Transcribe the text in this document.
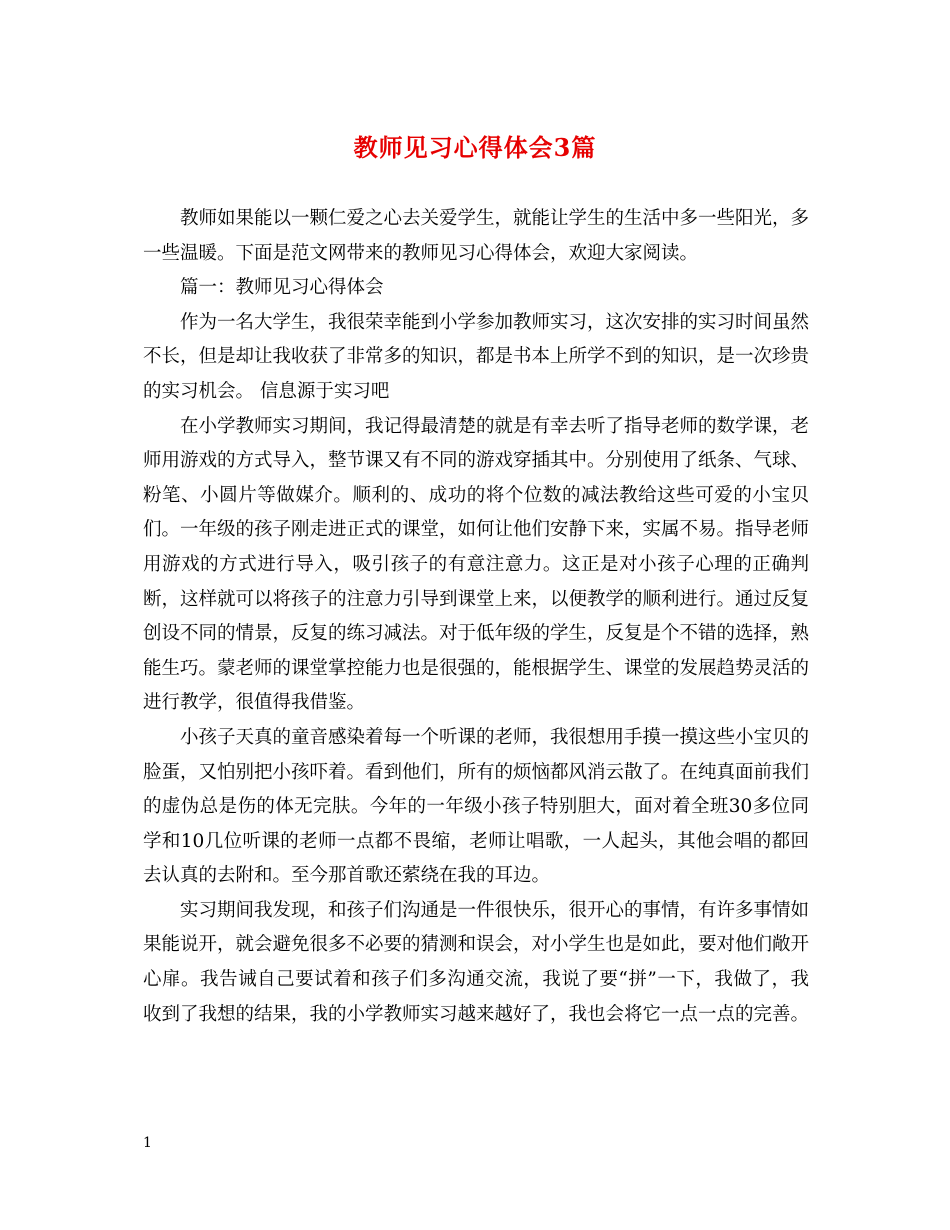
教师见习心得体会3篇

教师如果能以一颗仁爱之心去关爱学生，就能让学生的生活中多一些阳光，多一些温暖。下面是范文网带来的教师见习心得体会，欢迎大家阅读。

篇一：教师见习心得体会

作为一名大学生，我很荣幸能到小学参加教师实习，这次安排的实习时间虽然不长，但是却让我收获了非常多的知识，都是书本上所学不到的知识，是一次珍贵的实习机会。 信息源于实习吧

在小学教师实习期间，我记得最清楚的就是有幸去听了指导老师的数学课，老师用游戏的方式导入，整节课又有不同的游戏穿插其中。分别使用了纸条、气球、粉笔、小圆片等做媒介。顺利的、成功的将个位数的减法教给这些可爱的小宝贝们。一年级的孩子刚走进正式的课堂，如何让他们安静下来，实属不易。指导老师用游戏的方式进行导入，吸引孩子的有意注意力。这正是对小孩子心理的正确判断，这样就可以将孩子的注意力引导到课堂上来，以便教学的顺利进行。通过反复创设不同的情景，反复的练习减法。对于低年级的学生，反复是个不错的选择，熟能生巧。蒙老师的课堂掌控能力也是很强的，能根据学生、课堂的发展趋势灵活的进行教学，很值得我借鉴。

小孩子天真的童音感染着每一个听课的老师，我很想用手摸一摸这些小宝贝的脸蛋，又怕别把小孩吓着。看到他们，所有的烦恼都风消云散了。在纯真面前我们的虚伪总是伤的体无完肤。今年的一年级小孩子特别胆大，面对着全班30多位同学和10几位听课的老师一点都不畏缩，老师让唱歌，一人起头，其他会唱的都回去认真的去附和。至今那首歌还萦绕在我的耳边。

实习期间我发现，和孩子们沟通是一件很快乐，很开心的事情，有许多事情如果能说开，就会避免很多不必要的猜测和误会，对小学生也是如此，要对他们敞开心扉。我告诫自己要试着和孩子们多沟通交流，我说了要“拼”一下，我做了，我收到了我想的结果，我的小学教师实习越来越好了，我也会将它一点一点的完善。

1
